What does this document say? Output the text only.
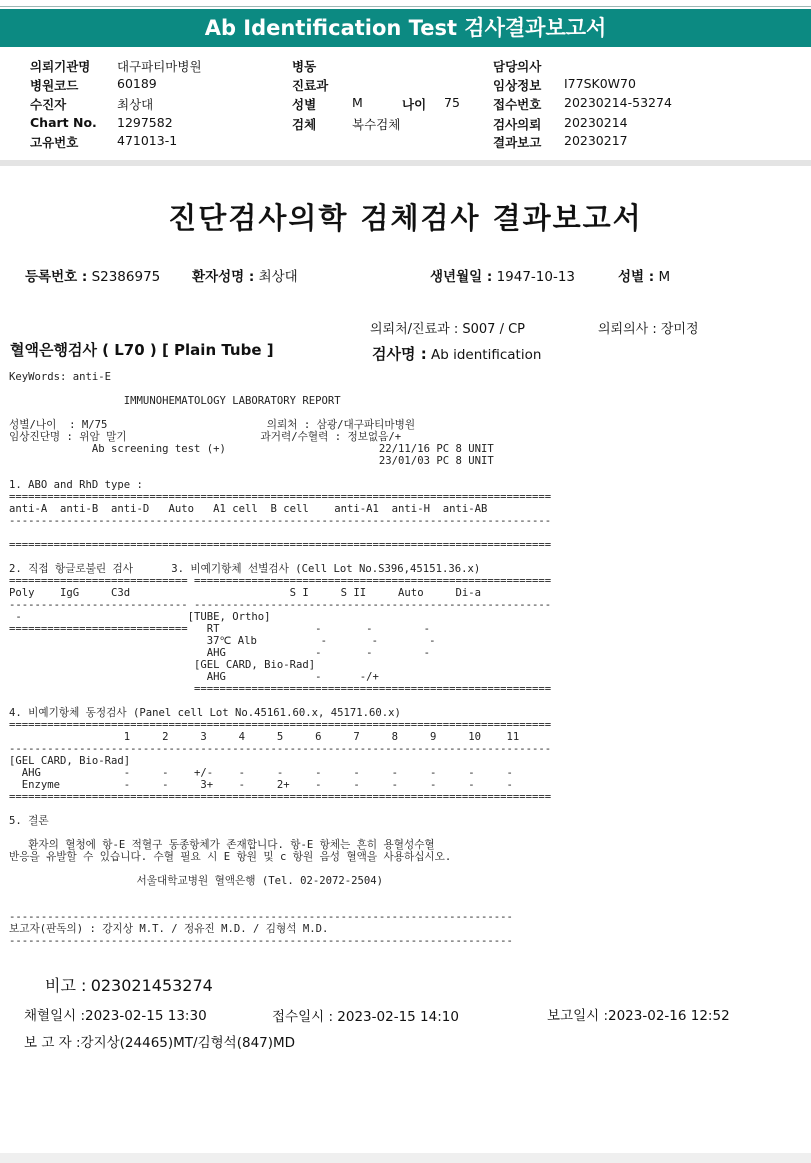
Ab Identification Test 검사결과보고서
의뢰기관명 대구파티마병원
병원코드	60189
수진자	최상대
Chart No. 1297582
고유번호	471013-1
병동
진료과
성별	M	나이 75
검체	복수검체
담당의사
임상정보 I77SK0W70
접수번호 20230214-53274
검사의뢰 20230214
결과보고 20230217
진단검사의학 검체검사 결과보고서
등록번호 : S2386975 환자성명 : 최상대	생년월일 : 1947-10-13	성별 : M
의뢰처/진료과 : S007 / CP	의뢰의사 : 장미정
혈액은행검사 ( L70 ) [ Plain Tube ]	검사명 : Ab identification
KeyWords: anti-E
IMMUNOHEMATOLOGY LABORATORY REPORT
성별/나이  : M/75                         의뢰처 : 삼광/대구파티마병원
임상진단명 : 위암 말기                     과거력/수혈력 : 정보없음/+
Ab screening test (+)                        22/11/16 PC 8 UNIT
23/01/03 PC 8 UNIT
1. ABO and RhD type :
=====================================================================================
anti-A  anti-B  anti-D   Auto   A1 cell  B cell    anti-A1  anti-H  anti-AB
-------------------------------------------------------------------------------------
=====================================================================================
2. 직접 항글로불린 검사      3. 비예기항체 선별검사 (Cell Lot No.S396,45151.36.x)
============================ ========================================================
Poly    IgG     C3d                         S I     S II     Auto     Di-a
---------------------------- --------------------------------------------------------
-                          [TUBE, Ortho]
============================   RT               -       -        -
37℃ Alb          -       -        -
AHG              -       -        -
[GEL CARD, Bio-Rad]
AHG              -      -/+
========================================================
4. 비예기항체 동정검사 (Panel cell Lot No.45161.60.x, 45171.60.x)
=====================================================================================
1     2     3     4     5     6     7     8     9     10    11
-------------------------------------------------------------------------------------
[GEL CARD, Bio-Rad]
AHG             -     -    +/-    -     -     -     -     -     -     -     -
Enzyme          -     -     3+    -     2+    -     -     -     -     -     -
=====================================================================================
5. 결론
환자의 혈청에 항-E 적혈구 동종항체가 존재합니다. 항-E 항체는 흔히 용혈성수혈
반응을 유발할 수 있습니다. 수혈 필요 시 E 항원 및 c 항원 음성 혈액을 사용하십시오.
서울대학교병원 혈액은행 (Tel. 02-2072-2504)
-------------------------------------------------------------------------------
보고자(판독의) : 강지상 M.T. / 정유진 M.D. / 김형석 M.D.
-------------------------------------------------------------------------------
비고 : 023021453274
채혈일시 :2023-02-15 13:30	접수일시 : 2023-02-15 14:10	보고일시 :2023-02-16 12:52
보 고 자 :강지상(24465)MT/김형석(847)MD
